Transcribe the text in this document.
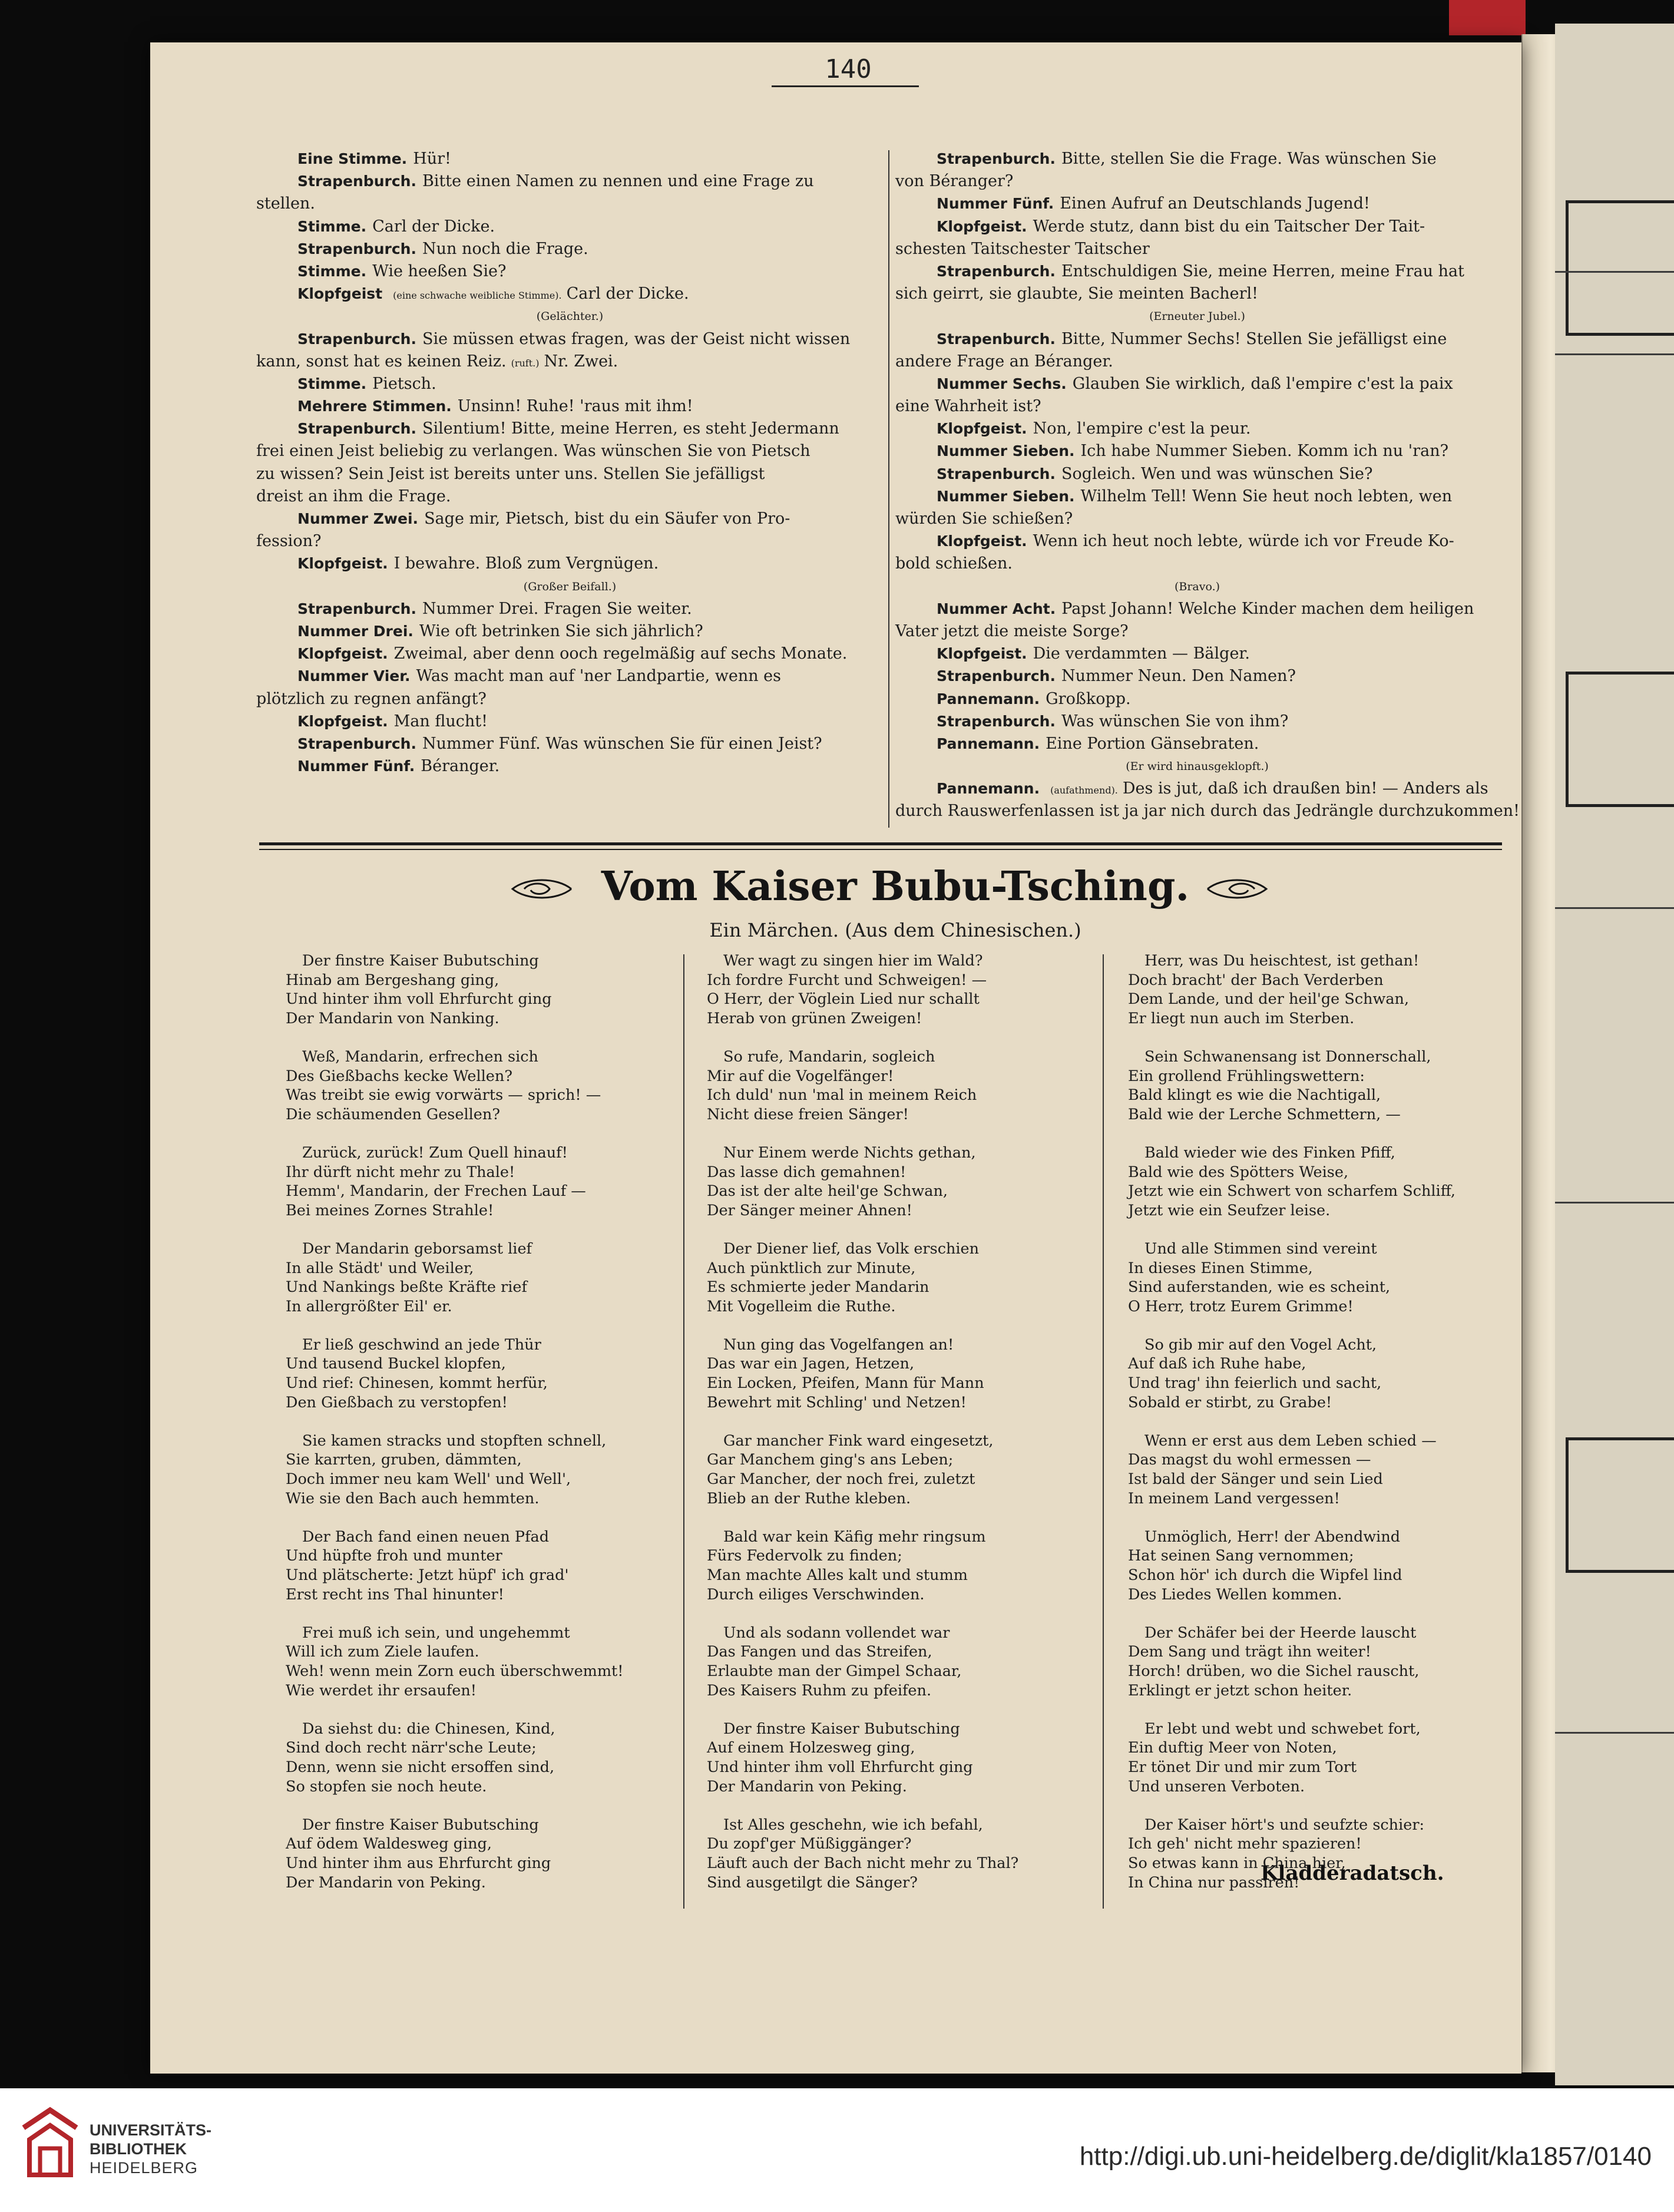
140
Eine Stimme. Hür!
Strapenburch. Bitte einen Namen zu nennen und eine Frage zu
stellen.
Stimme. Carl der Dicke.
Strapenburch. Nun noch die Frage.
Stimme. Wie heeßen Sie?
Klopfgeist (eine schwache weibliche Stimme). Carl der Dicke.
(Gelächter.)
Strapenburch. Sie müssen etwas fragen, was der Geist nicht wissen
kann, sonst hat es keinen Reiz. (ruft.) Nr. Zwei.
Stimme. Pietsch.
Mehrere Stimmen. Unsinn! Ruhe! 'raus mit ihm!
Strapenburch. Silentium! Bitte, meine Herren, es steht Jedermann
frei einen Jeist beliebig zu verlangen. Was wünschen Sie von Pietsch
zu wissen? Sein Jeist ist bereits unter uns. Stellen Sie jefälligst
dreist an ihm die Frage.
Nummer Zwei. Sage mir, Pietsch, bist du ein Säufer von Pro-
fession?
Klopfgeist. I bewahre. Bloß zum Vergnügen.
(Großer Beifall.)
Strapenburch. Nummer Drei. Fragen Sie weiter.
Nummer Drei. Wie oft betrinken Sie sich jährlich?
Klopfgeist. Zweimal, aber denn ooch regelmäßig auf sechs Monate.
Nummer Vier. Was macht man auf 'ner Landpartie, wenn es
plötzlich zu regnen anfängt?
Klopfgeist. Man flucht!
Strapenburch. Nummer Fünf. Was wünschen Sie für einen Jeist?
Nummer Fünf. Béranger.
Strapenburch. Bitte, stellen Sie die Frage. Was wünschen Sie
von Béranger?
Nummer Fünf. Einen Aufruf an Deutschlands Jugend!
Klopfgeist. Werde stutz, dann bist du ein Taitscher Der Tait-
schesten Taitschester Taitscher
Strapenburch. Entschuldigen Sie, meine Herren, meine Frau hat
sich geirrt, sie glaubte, Sie meinten Bacherl!
(Erneuter Jubel.)
Strapenburch. Bitte, Nummer Sechs! Stellen Sie jefälligst eine
andere Frage an Béranger.
Nummer Sechs. Glauben Sie wirklich, daß l'empire c'est la paix
eine Wahrheit ist?
Klopfgeist. Non, l'empire c'est la peur.
Nummer Sieben. Ich habe Nummer Sieben. Komm ich nu 'ran?
Strapenburch. Sogleich. Wen und was wünschen Sie?
Nummer Sieben. Wilhelm Tell! Wenn Sie heut noch lebten, wen
würden Sie schießen?
Klopfgeist. Wenn ich heut noch lebte, würde ich vor Freude Ko-
bold schießen.
(Bravo.)
Nummer Acht. Papst Johann! Welche Kinder machen dem heiligen
Vater jetzt die meiste Sorge?
Klopfgeist. Die verdammten — Bälger.
Strapenburch. Nummer Neun. Den Namen?
Pannemann. Großkopp.
Strapenburch. Was wünschen Sie von ihm?
Pannemann. Eine Portion Gänsebraten.
(Er wird hinausgeklopft.)
Pannemann. (aufathmend). Des is jut, daß ich draußen bin! — Anders als
durch Rauswerfenlassen ist ja jar nich durch das Jedrängle durchzukommen!
Vom Kaiser Bubu-Tsching.
Ein Märchen. (Aus dem Chinesischen.)
Der finstre Kaiser Bubutsching
Hinab am Bergeshang ging,
Und hinter ihm voll Ehrfurcht ging
Der Mandarin von Nanking.
Weß, Mandarin, erfrechen sich
Des Gießbachs kecke Wellen?
Was treibt sie ewig vorwärts — sprich! —
Die schäumenden Gesellen?
Zurück, zurück! Zum Quell hinauf!
Ihr dürft nicht mehr zu Thale!
Hemm', Mandarin, der Frechen Lauf —
Bei meines Zornes Strahle!
Der Mandarin geborsamst lief
In alle Städt' und Weiler,
Und Nankings beßte Kräfte rief
In allergrößter Eil' er.
Er ließ geschwind an jede Thür
Und tausend Buckel klopfen,
Und rief: Chinesen, kommt herfür,
Den Gießbach zu verstopfen!
Sie kamen stracks und stopften schnell,
Sie karrten, gruben, dämmten,
Doch immer neu kam Well' und Well',
Wie sie den Bach auch hemmten.
Der Bach fand einen neuen Pfad
Und hüpfte froh und munter
Und plätscherte: Jetzt hüpf' ich grad'
Erst recht ins Thal hinunter!
Frei muß ich sein, und ungehemmt
Will ich zum Ziele laufen.
Weh! wenn mein Zorn euch überschwemmt!
Wie werdet ihr ersaufen!
Da siehst du: die Chinesen, Kind,
Sind doch recht närr'sche Leute;
Denn, wenn sie nicht ersoffen sind,
So stopfen sie noch heute.
Der finstre Kaiser Bubutsching
Auf ödem Waldesweg ging,
Und hinter ihm aus Ehrfurcht ging
Der Mandarin von Peking.
Wer wagt zu singen hier im Wald?
Ich fordre Furcht und Schweigen! —
O Herr, der Vöglein Lied nur schallt
Herab von grünen Zweigen!
So rufe, Mandarin, sogleich
Mir auf die Vogelfänger!
Ich duld' nun 'mal in meinem Reich
Nicht diese freien Sänger!
Nur Einem werde Nichts gethan,
Das lasse dich gemahnen!
Das ist der alte heil'ge Schwan,
Der Sänger meiner Ahnen!
Der Diener lief, das Volk erschien
Auch pünktlich zur Minute,
Es schmierte jeder Mandarin
Mit Vogelleim die Ruthe.
Nun ging das Vogelfangen an!
Das war ein Jagen, Hetzen,
Ein Locken, Pfeifen, Mann für Mann
Bewehrt mit Schling' und Netzen!
Gar mancher Fink ward eingesetzt,
Gar Manchem ging's ans Leben;
Gar Mancher, der noch frei, zuletzt
Blieb an der Ruthe kleben.
Bald war kein Käfig mehr ringsum
Fürs Federvolk zu finden;
Man machte Alles kalt und stumm
Durch eiliges Verschwinden.
Und als sodann vollendet war
Das Fangen und das Streifen,
Erlaubte man der Gimpel Schaar,
Des Kaisers Ruhm zu pfeifen.
Der finstre Kaiser Bubutsching
Auf einem Holzesweg ging,
Und hinter ihm voll Ehrfurcht ging
Der Mandarin von Peking.
Ist Alles geschehn, wie ich befahl,
Du zopf'ger Müßiggänger?
Läuft auch der Bach nicht mehr zu Thal?
Sind ausgetilgt die Sänger?
Herr, was Du heischtest, ist gethan!
Doch bracht' der Bach Verderben
Dem Lande, und der heil'ge Schwan,
Er liegt nun auch im Sterben.
Sein Schwanensang ist Donnerschall,
Ein grollend Frühlingswettern:
Bald klingt es wie die Nachtigall,
Bald wie der Lerche Schmettern, —
Bald wieder wie des Finken Pfiff,
Bald wie des Spötters Weise,
Jetzt wie ein Schwert von scharfem Schliff,
Jetzt wie ein Seufzer leise.
Und alle Stimmen sind vereint
In dieses Einen Stimme,
Sind auferstanden, wie es scheint,
O Herr, trotz Eurem Grimme!
So gib mir auf den Vogel Acht,
Auf daß ich Ruhe habe,
Und trag' ihn feierlich und sacht,
Sobald er stirbt, zu Grabe!
Wenn er erst aus dem Leben schied —
Das magst du wohl ermessen —
Ist bald der Sänger und sein Lied
In meinem Land vergessen!
Unmöglich, Herr! der Abendwind
Hat seinen Sang vernommen;
Schon hör' ich durch die Wipfel lind
Des Liedes Wellen kommen.
Der Schäfer bei der Heerde lauscht
Dem Sang und trägt ihn weiter!
Horch! drüben, wo die Sichel rauscht,
Erklingt er jetzt schon heiter.
Er lebt und webt und schwebet fort,
Ein duftig Meer von Noten,
Er tönet Dir und mir zum Tort
Und unseren Verboten.
Der Kaiser hört's und seufzte schier:
Ich geh' nicht mehr spazieren!
So etwas kann in China hier,
In China nur passiren!
Kladderadatsch.
UNIVERSITÄTS-
BIBLIOTHEK
HEIDELBERG	http://digi.ub.uni-heidelberg.de/diglit/kla1857/0140
